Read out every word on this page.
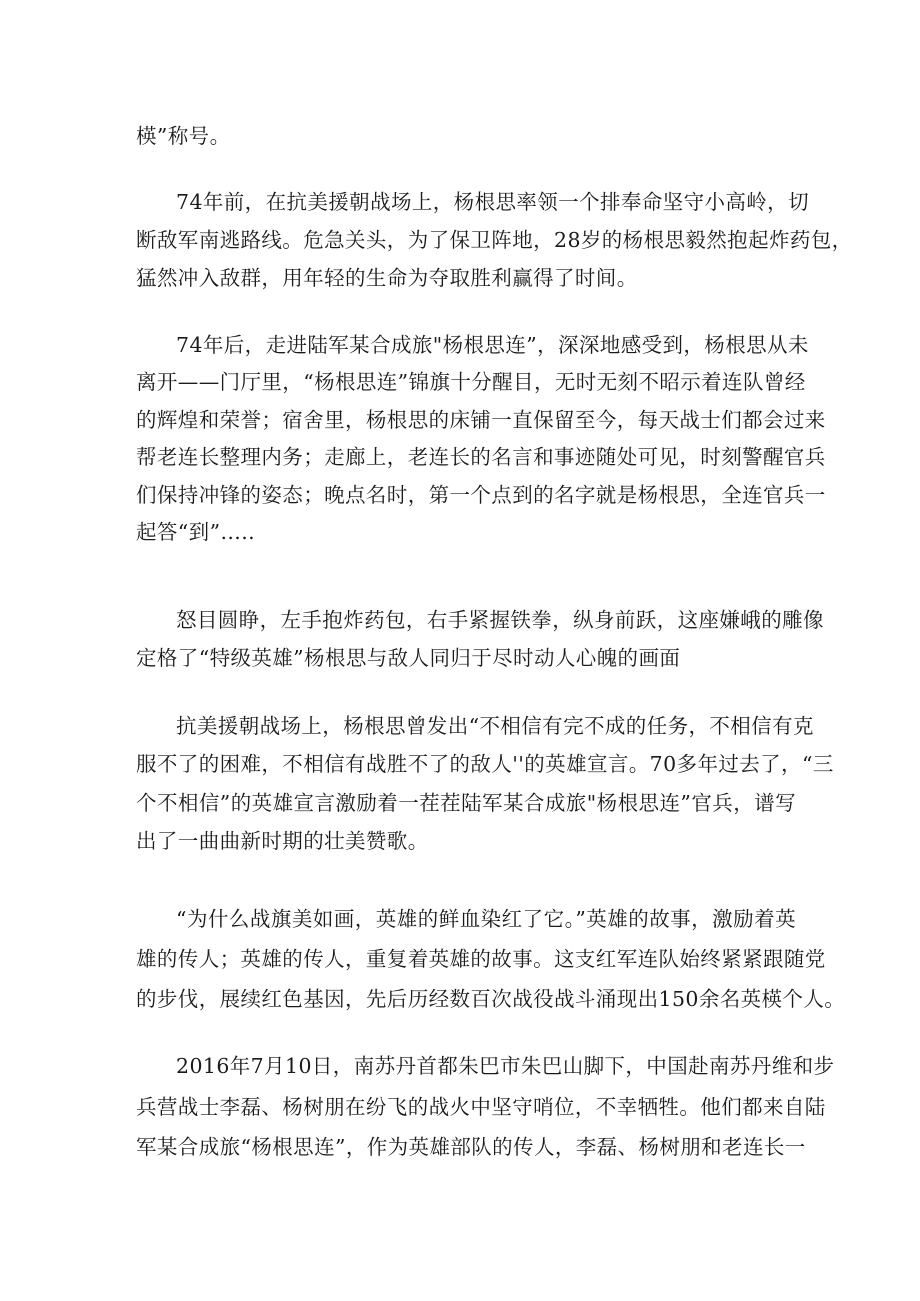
楧”称号。
74年前，在抗美援朝战场上，杨根思率领一个排奉命坚守小高岭，切
断敌军南逃路线。危急关头，为了保卫阵地，28岁的杨根思毅然抱起炸药包，
猛然冲入敌群，用年轻的生命为夺取胜利赢得了时间。
74年后，走进陆军某合成旅"杨根思连”，深深地感受到，杨根思从未
离开——门厅里，“杨根思连”锦旗十分醒目，无时无刻不昭示着连队曾经
的辉煌和荣誉；宿舍里，杨根思的床铺一直保留至今，每天战士们都会过来
帮老连长整理内务；走廊上，老连长的名言和事迹随处可见，时刻警醒官兵
们保持冲锋的姿态；晚点名时，第一个点到的名字就是杨根思，全连官兵一
起答“到”.....
怒目圆睁，左手抱炸药包，右手紧握铁拳，纵身前跃，这座嫌峨的雕像
定格了“特级英雄”杨根思与敌人同归于尽时动人心魄的画面
抗美援朝战场上，杨根思曾发出“不相信有完不成的任务，不相信有克
服不了的困难，不相信有战胜不了的敌人''的英雄宣言。70多年过去了，“三
个不相信”的英雄宣言激励着一茬茬陆军某合成旅"杨根思连”官兵，谱写
出了一曲曲新时期的壮美赞歌。
“为什么战旗美如画，英雄的鲜血染红了它。”英雄的故事，激励着英
雄的传人；英雄的传人，重复着英雄的故事。这支红军连队始终紧紧跟随党
的步伐，展续红色基因，先后历经数百次战役战斗涌现出150余名英楧个人。
2016年7月10日，南苏丹首都朱巴市朱巴山脚下，中国赴南苏丹维和步
兵营战士李磊、杨树朋在纷飞的战火中坚守哨位，不幸牺牲。他们都来自陆
军某合成旅“杨根思连”，作为英雄部队的传人，李磊、杨树朋和老连长一
